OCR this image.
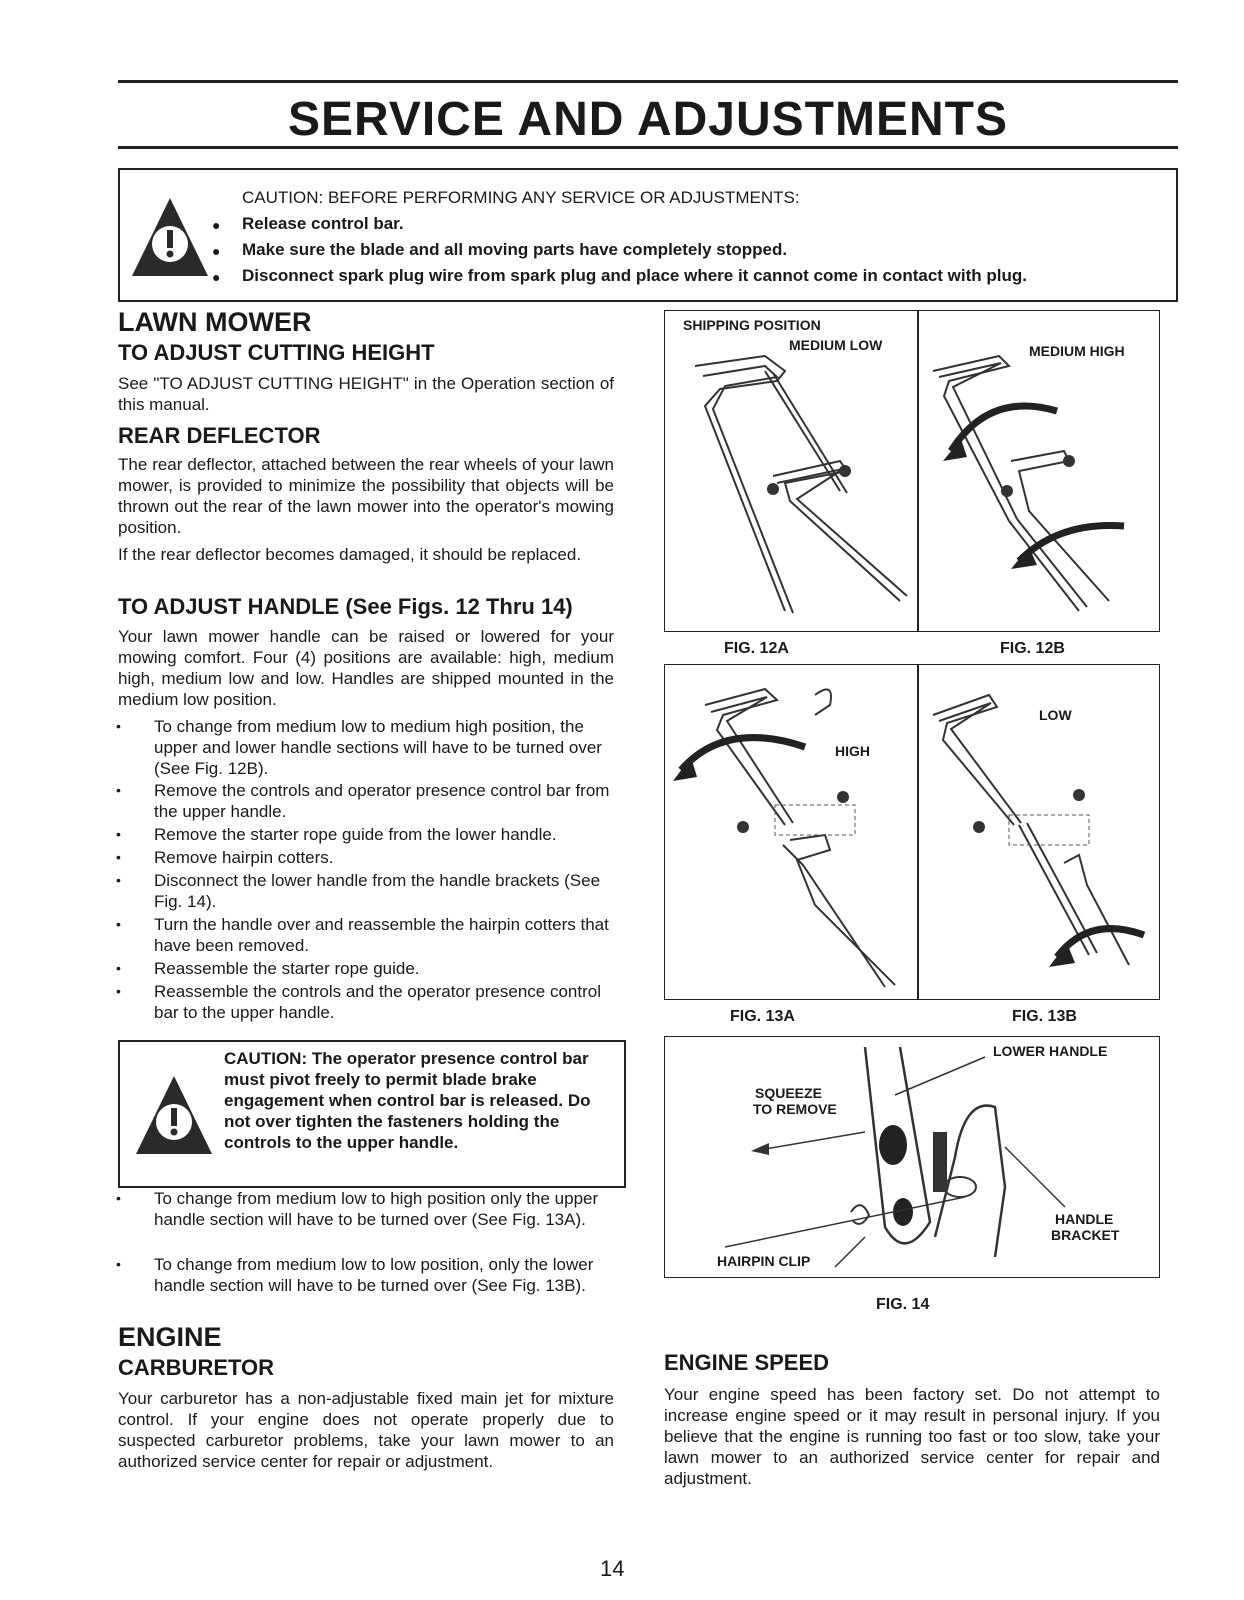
SERVICE AND ADJUSTMENTS
CAUTION: BEFORE PERFORMING ANY SERVICE OR ADJUSTMENTS:
● Release control bar.
● Make sure the blade and all moving parts have completely stopped.
● Disconnect spark plug wire from spark plug and place where it cannot come in contact with plug.
LAWN MOWER
TO ADJUST CUTTING HEIGHT
See "TO ADJUST CUTTING HEIGHT" in the Operation section of this manual.
REAR DEFLECTOR
The rear deflector, attached between the rear wheels of your lawn mower, is provided to minimize the possibility that objects will be thrown out the rear of the lawn mower into the operator's mowing position.
If the rear deflector becomes damaged, it should be replaced.
TO ADJUST HANDLE (See Figs. 12 Thru 14)
Your lawn mower handle can be raised or lowered for your mowing comfort. Four (4) positions are available: high, medium high, medium low and low. Handles are shipped mounted in the medium low position.
• To change from medium low to medium high position, the upper and lower handle sections will have to be turned over (See Fig. 12B).
• Remove the controls and operator presence control bar from the upper handle.
• Remove the starter rope guide from the lower handle.
• Remove hairpin cotters.
• Disconnect the lower handle from the handle brackets (See Fig. 14).
• Turn the handle over and reassemble the hairpin cotters that have been removed.
• Reassemble the starter rope guide.
• Reassemble the controls and the operator presence control bar to the upper handle.
CAUTION: The operator presence control bar must pivot freely to permit blade brake engagement when control bar is released. Do not over tighten the fasteners holding the controls to the upper handle.
• To change from medium low to high position only the upper handle section will have to be turned over (See Fig. 13A).
• To change from medium low to low position, only the lower handle section will have to be turned over (See Fig. 13B).
ENGINE
CARBURETOR
Your carburetor has a non-adjustable fixed main jet for mixture control. If your engine does not operate properly due to suspected carburetor problems, take your lawn mower to an authorized service center for repair or adjustment.
SHIPPING POSITION
MEDIUM LOW	MEDIUM HIGH
FIG. 12A	FIG. 12B
HIGH
LOW
FIG. 13A	FIG. 13B
LOWER HANDLE
SQUEEZE
TO REMOVE
HANDLE
BRACKET
HAIRPIN CLIP
FIG. 14
ENGINE SPEED
Your engine speed has been factory set. Do not attempt to increase engine speed or it may result in personal injury. If you believe that the engine is running too fast or too slow, take your lawn mower to an authorized service center for repair and adjustment.
14
